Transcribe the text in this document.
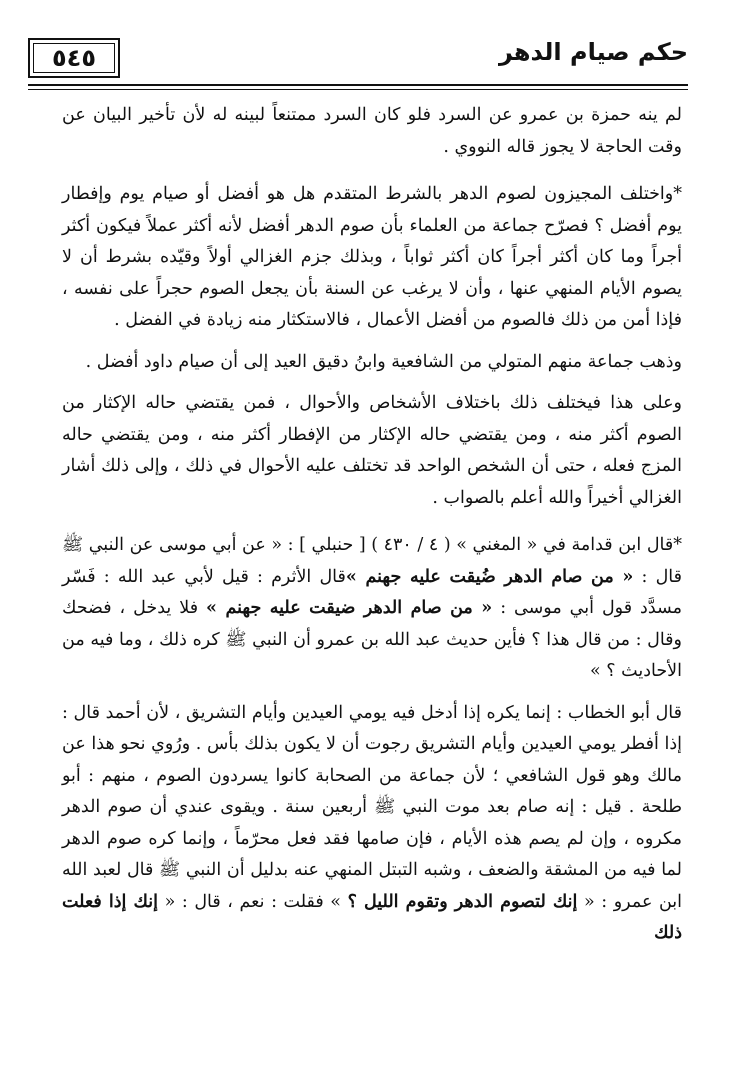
٥٤٥	حكم صيام الدهر

لم ينه حمزة بن عمرو عن السرد فلو كان السرد ممتنعاً لبينه له لأن تأخير البيان عن وقت الحاجة لا يجوز قاله النووي .

*واختلف المجيزون لصوم الدهر بالشرط المتقدم هل هو أفضل أو صيام يوم وإفطار يوم أفضل ؟ فصرّح جماعة من العلماء بأن صوم الدهر أفضل لأنه أكثر عملاً فيكون أكثر أجراً وما كان أكثر أجراً كان أكثر ثواباً ، وبذلك جزم الغزالي أولاً وقيّده بشرط أن لا يصوم الأيام المنهي عنها ، وأن لا يرغب عن السنة بأن يجعل الصوم حجراً على نفسه ، فإذا أمن من ذلك فالصوم من أفضل الأعمال ، فالاستكثار منه زيادة في الفضل .

وذهب جماعة منهم المتولي من الشافعية وابنُ دقيق العيد إلى أن صيام داود أفضل .

وعلى هذا فيختلف ذلك باختلاف الأشخاص والأحوال ، فمن يقتضي حاله الإكثار من الصوم أكثر منه ، ومن يقتضي حاله الإكثار من الإفطار أكثر منه ، ومن يقتضي حاله المزج فعله ، حتى أن الشخص الواحد قد تختلف عليه الأحوال في ذلك ، وإلى ذلك أشار الغزالي أخيراً والله أعلم بالصواب .

*قال ابن قدامة في « المغني » ( ٤ / ٤٣٠ ) [ حنبلي ] : « عن أبي موسى عن النبي ﷺ قال : « من صام الدهر ضُيقت عليه جهنم »قال الأثرم : قيل لأبي عبد الله : فَسّر مسدَّد قول أبي موسى : « من صام الدهر ضيقت عليه جهنم » فلا يدخل ، فضحك وقال : من قال هذا ؟ فأين حديث عبد الله بن عمرو أن النبي ﷺ كره ذلك ، وما فيه من الأحاديث ؟ »

قال أبو الخطاب : إنما يكره إذا أدخل فيه يومي العيدين وأيام التشريق ، لأن أحمد قال : إذا أفطر يومي العيدين وأيام التشريق رجوت أن لا يكون بذلك بأس . ورُوي نحو هذا عن مالك وهو قول الشافعي ؛ لأن جماعة من الصحابة كانوا يسردون الصوم ، منهم : أبو طلحة . قيل : إنه صام بعد موت النبي ﷺ أربعين سنة . ويقوى عندي أن صوم الدهر مكروه ، وإن لم يصم هذه الأيام ، فإن صامها فقد فعل محرّماً ، وإنما كره صوم الدهر لما فيه من المشقة والضعف ، وشبه التبتل المنهي عنه بدليل أن النبي ﷺ قال لعبد الله ابن عمرو : « إنك لتصوم الدهر وتقوم الليل ؟ » فقلت : نعم ، قال : « إنك إذا فعلت ذلك
